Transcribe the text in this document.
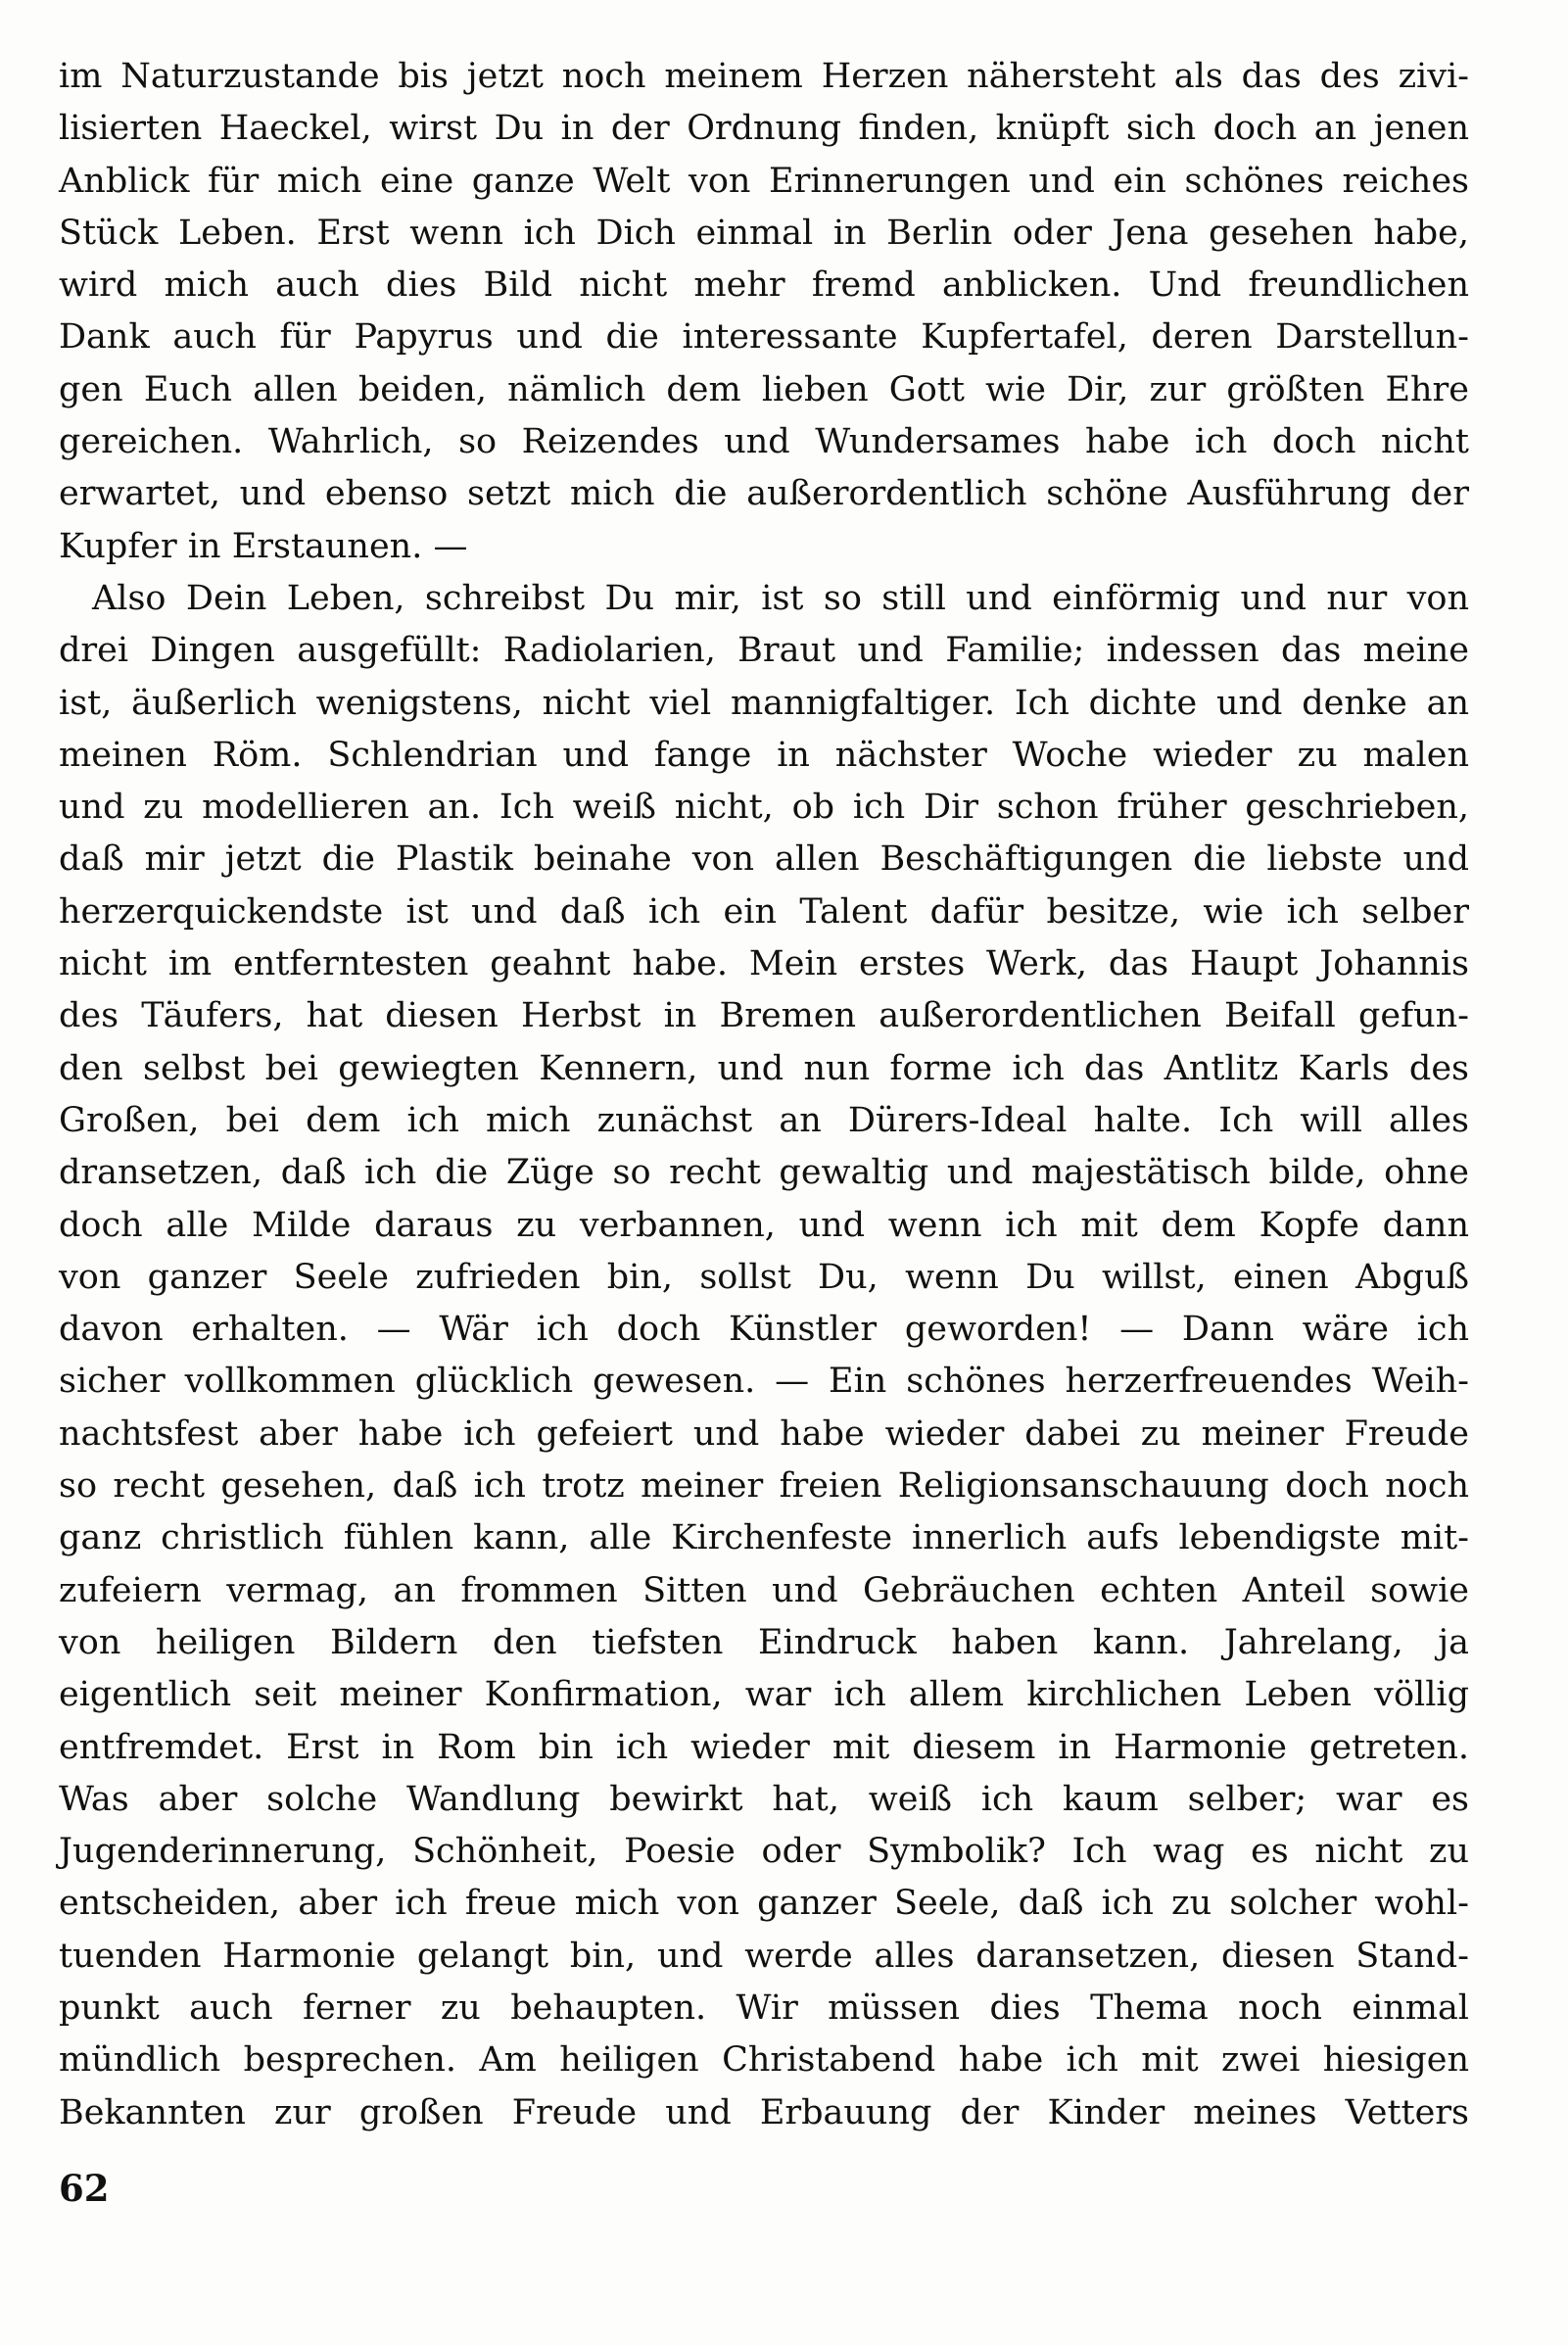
im Naturzustande bis jetzt noch meinem Herzen nähersteht als das des zivi-
lisierten Haeckel, wirst Du in der Ordnung finden, knüpft sich doch an jenen
Anblick für mich eine ganze Welt von Erinnerungen und ein schönes reiches
Stück Leben. Erst wenn ich Dich einmal in Berlin oder Jena gesehen habe,
wird mich auch dies Bild nicht mehr fremd anblicken. Und freundlichen
Dank auch für Papyrus und die interessante Kupfertafel, deren Darstellun-
gen Euch allen beiden, nämlich dem lieben Gott wie Dir, zur größten Ehre
gereichen. Wahrlich, so Reizendes und Wundersames habe ich doch nicht
erwartet, und ebenso setzt mich die außerordentlich schöne Ausführung der
Kupfer in Erstaunen. —
Also Dein Leben, schreibst Du mir, ist so still und einförmig und nur von
drei Dingen ausgefüllt: Radiolarien, Braut und Familie; indessen das meine
ist, äußerlich wenigstens, nicht viel mannigfaltiger. Ich dichte und denke an
meinen Röm. Schlendrian und fange in nächster Woche wieder zu malen
und zu modellieren an. Ich weiß nicht, ob ich Dir schon früher geschrieben,
daß mir jetzt die Plastik beinahe von allen Beschäftigungen die liebste und
herzerquickendste ist und daß ich ein Talent dafür besitze, wie ich selber
nicht im entferntesten geahnt habe. Mein erstes Werk, das Haupt Johannis
des Täufers, hat diesen Herbst in Bremen außerordentlichen Beifall gefun-
den selbst bei gewiegten Kennern, und nun forme ich das Antlitz Karls des
Großen, bei dem ich mich zunächst an Dürers-Ideal halte. Ich will alles
dransetzen, daß ich die Züge so recht gewaltig und majestätisch bilde, ohne
doch alle Milde daraus zu verbannen, und wenn ich mit dem Kopfe dann
von ganzer Seele zufrieden bin, sollst Du, wenn Du willst, einen Abguß
davon erhalten. — Wär ich doch Künstler geworden! — Dann wäre ich
sicher vollkommen glücklich gewesen. — Ein schönes herzerfreuendes Weih-
nachtsfest aber habe ich gefeiert und habe wieder dabei zu meiner Freude
so recht gesehen, daß ich trotz meiner freien Religionsanschauung doch noch
ganz christlich fühlen kann, alle Kirchenfeste innerlich aufs lebendigste mit-
zufeiern vermag, an frommen Sitten und Gebräuchen echten Anteil sowie
von heiligen Bildern den tiefsten Eindruck haben kann. Jahrelang, ja
eigentlich seit meiner Konfirmation, war ich allem kirchlichen Leben völlig
entfremdet. Erst in Rom bin ich wieder mit diesem in Harmonie getreten.
Was aber solche Wandlung bewirkt hat, weiß ich kaum selber; war es
Jugenderinnerung, Schönheit, Poesie oder Symbolik? Ich wag es nicht zu
entscheiden, aber ich freue mich von ganzer Seele, daß ich zu solcher wohl-
tuenden Harmonie gelangt bin, und werde alles daransetzen, diesen Stand-
punkt auch ferner zu behaupten. Wir müssen dies Thema noch einmal
mündlich besprechen. Am heiligen Christabend habe ich mit zwei hiesigen
Bekannten zur großen Freude und Erbauung der Kinder meines Vetters
62
